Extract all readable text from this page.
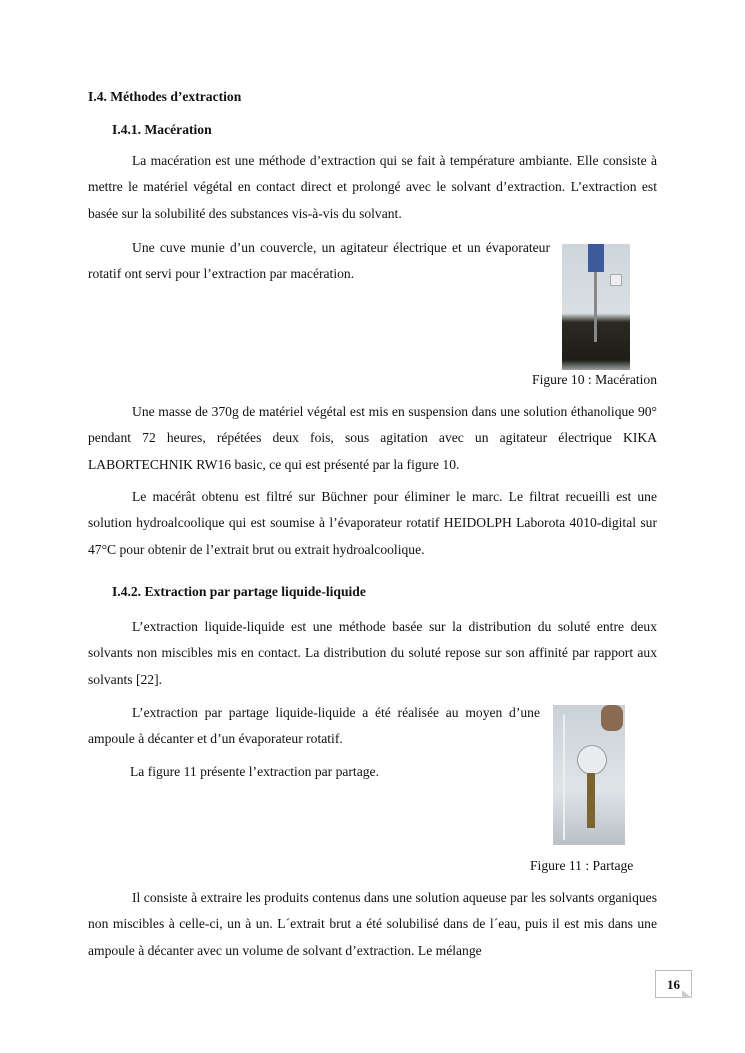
I.4. Méthodes d’extraction
I.4.1. Macération
La macération est une méthode d’extraction qui se fait à température ambiante. Elle consiste à mettre le matériel végétal en contact direct et prolongé avec le solvant d’extraction. L’extraction est basée sur la solubilité des substances vis-à-vis du solvant.
Une cuve munie d’un couvercle, un agitateur électrique et un évaporateur rotatif ont servi pour l’extraction par macération.
Figure 10 : Macération
Une masse de 370g de matériel végétal est mis en suspension dans une solution éthanolique 90° pendant 72 heures, répétées deux fois, sous agitation avec un agitateur électrique KIKA LABORTECHNIK RW16 basic, ce qui est présenté par la figure 10.
Le macérât obtenu est filtré sur Büchner pour éliminer le marc. Le filtrat recueilli est une solution hydroalcoolique qui est soumise à l’évaporateur rotatif HEIDOLPH Laborota 4010-digital sur 47°C pour obtenir de l’extrait brut ou extrait hydroalcoolique.
I.4.2. Extraction par partage liquide-liquide
L’extraction liquide-liquide est une méthode basée sur la distribution du soluté entre deux solvants non miscibles mis en contact. La distribution du soluté repose sur son affinité par rapport aux solvants [22].
L’extraction par partage liquide-liquide a été réalisée au moyen d’une ampoule à décanter et d’un évaporateur rotatif.
La figure 11 présente l’extraction par partage.
Figure 11 : Partage
Il consiste à extraire les produits contenus dans une solution aqueuse par les solvants organiques non miscibles à celle-ci, un à un. L´extrait brut a été solubilisé dans de l´eau, puis il est mis dans une ampoule à décanter avec un volume de solvant d’extraction. Le mélange
16
